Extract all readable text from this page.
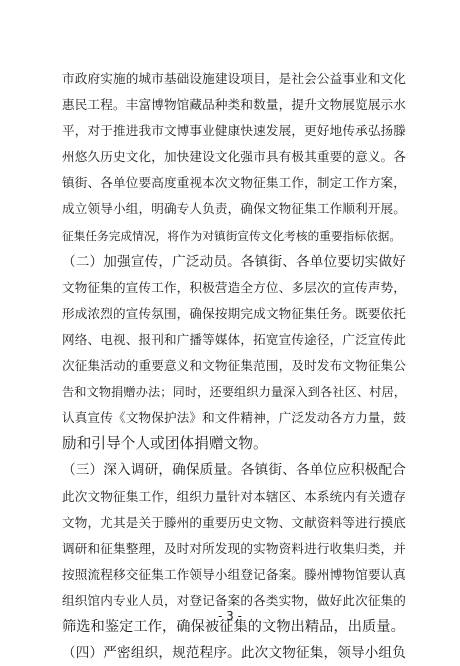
市政府实施的城市基础设施建设项目，是社会公益事业和文化
惠民工程。丰富博物馆藏品种类和数量，提升文物展览展示水
平，对于推进我市文博事业健康快速发展，更好地传承弘扬滕
州悠久历史文化，加快建设文化强市具有极其重要的意义。各
镇街、各单位要高度重视本次文物征集工作，制定工作方案，
成立领导小组，明确专人负责，确保文物征集工作顺利开展。
征集任务完成情况，将作为对镇街宣传文化考核的重要指标依据。
（二）加强宣传，广泛动员。各镇街、各单位要切实做好
文物征集的宣传工作，积极营造全方位、多层次的宣传声势，
形成浓烈的宣传氛围，确保按期完成文物征集任务。既要依托
网络、电视、报刊和广播等媒体，拓宽宣传途径，广泛宣传此
次征集活动的重要意义和文物征集范围，及时发布文物征集公
告和文物捐赠办法；同时，还要组织力量深入到各社区、村居，
认真宣传《文物保护法》和文件精神，广泛发动各方力量，鼓
励和引导个人或团体捐赠文物。
（三）深入调研，确保质量。各镇街、各单位应积极配合
此次文物征集工作，组织力量针对本辖区、本系统内有关遗存
文物，尤其是关于滕州的重要历史文物、文献资料等进行摸底
调研和征集整理，及时对所发现的实物资料进行收集归类，并
按照流程移交征集工作领导小组登记备案。滕州博物馆要认真
组织馆内专业人员，对登记备案的各类实物，做好此次征集的
筛选和鉴定工作，确保被征集的文物出精品，出质量。
（四）严密组织，规范程序。此次文物征集，领导小组负
- 3 -
